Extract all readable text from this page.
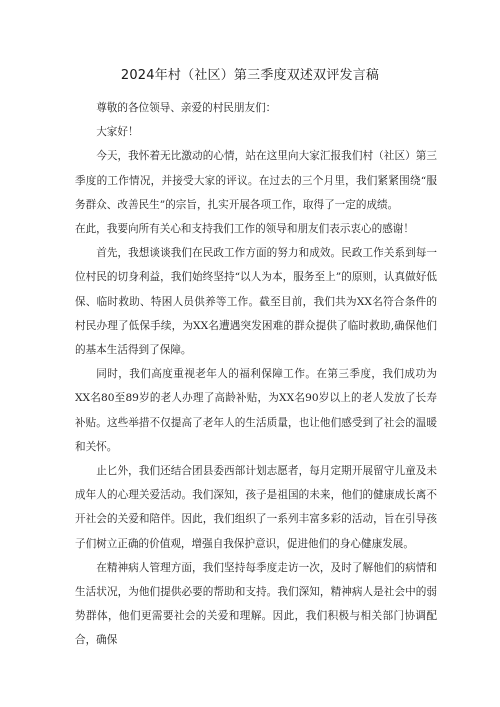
2024年村（社区）第三季度双述双评发言稿

尊敬的各位领导、亲爱的村民朋友们：

大家好！

今天，我怀着无比激动的心情，站在这里向大家汇报我们村（社区）第三季度的工作情况，并接受大家的评议。在过去的三个月里，我们紧紧围绕“服务群众、改善民生”的宗旨，扎实开展各项工作，取得了一定的成绩。

在此，我要向所有关心和支持我们工作的领导和朋友们表示衷心的感谢！

首先，我想谈谈我们在民政工作方面的努力和成效。民政工作关系到每一位村民的切身利益，我们始终坚持“以人为本，服务至上”的原则，认真做好低保、临时救助、特困人员供养等工作。截至目前，我们共为XX名符合条件的村民办理了低保手续，为XX名遭遇突发困难的群众提供了临时救助,确保他们的基本生活得到了保障。

同时，我们高度重视老年人的福利保障工作。在第三季度，我们成功为XX名80至89岁的老人办理了高龄补贴，为XX名90岁以上的老人发放了长寿补贴。这些举措不仅提高了老年人的生活质量，也让他们感受到了社会的温暖和关怀。

止匕外，我们还结合团县委西部计划志愿者，每月定期开展留守儿童及未成年人的心理关爱活动。我们深知，孩子是祖国的未来，他们的健康成长离不开社会的关爱和陪伴。因此，我们组织了一系列丰富多彩的活动，旨在引导孩子们树立正确的价值观，增强自我保护意识，促进他们的身心健康发展。

在精神病人管理方面，我们坚持每季度走访一次，及时了解他们的病情和生活状况，为他们提供必要的帮助和支持。我们深知，精神病人是社会中的弱势群体，他们更需要社会的关爱和理解。因此，我们积极与相关部门协调配合，确保
